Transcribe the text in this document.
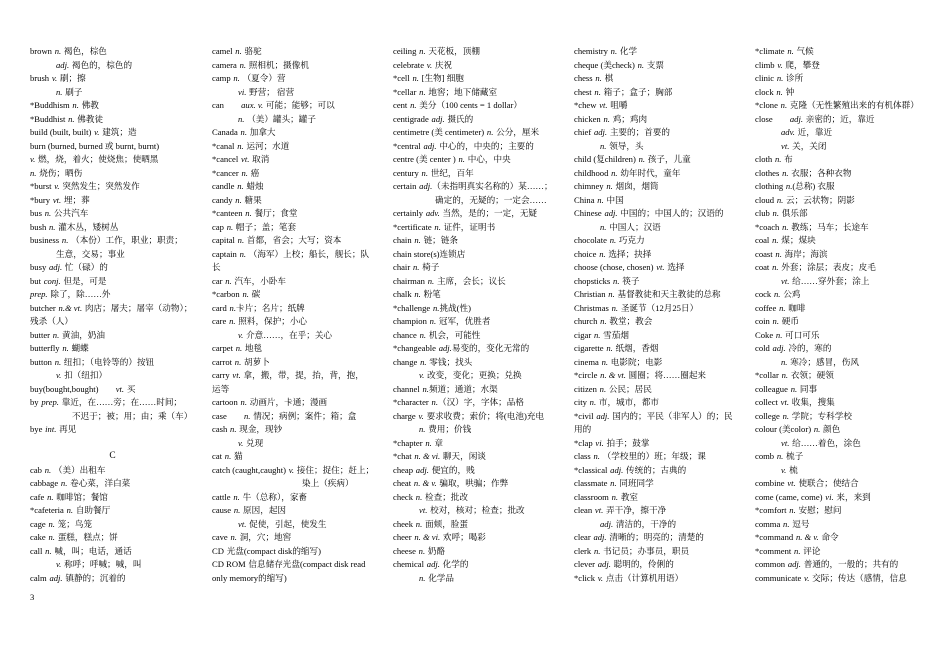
3
brown n. 褐色，棕色
adj. 褐色的，棕色的
brush v. 刷；擦
n. 刷子
*Buddhism n. 佛教
*Buddhist n. 佛教徒
build (built, built) v. 建筑；造
burn (burned, burned 或 burnt, burnt)
v. 燃，烧，着火；使烧焦；使晒黑
n. 烧伤；晒伤
*burst v. 突然发生；突然发作
*bury vt. 埋；葬
bus n. 公共汽车
bush n. 灌木丛，矮树丛
business n. （本份）工作，职业；职责；
生意，交易；事业
busy adj. 忙（碌）的
but conj. 但是，可是
prep. 除了，除……外
butcher n.& vt. 肉店；屠夫；屠宰（动物）；
残杀（人）
butter n. 黄油，奶油
butterfly n. 蝴蝶
button n. 纽扣；（电铃等的）按钮
v. 扣（纽扣）
buy(bought,bought) vt. 买
by prep. 靠近，在……旁；在……时间；
不迟于；被；用；由；乘（车）
bye int. 再见
C
cab n. （美）出租车
cabbage n. 卷心菜，洋白菜
cafe n. 咖啡馆；餐馆
*cafeteria n. 自助餐厅
cage n. 笼；鸟笼
cake n. 蛋糕，糕点；饼
call n. 喊，叫；电话，通话
v. 称呼；呼喊；喊，叫
calm adj. 镇静的；沉着的
camel n. 骆驼
camera n. 照相机；摄像机
camp n. （夏令）营
vi. 野营； 宿营
can aux. v. 可能；能够；可以
n. （美）罐头；罐子
Canada n. 加拿大
*canal n. 运河；水道
*cancel vt. 取消
*cancer n. 癌
candle n. 蜡烛
candy n. 糖果
*canteen n. 餐厅；食堂
cap n. 帽子；盖；笔套
capital n. 首都，省会；大写；资本
captain n. （海军）上校；船长，舰长；队
长
car n. 汽车，小卧车
*carbon n. 碳
card n.卡片；名片；纸牌
care n. 照料，保护；小心
v. 介意……，在乎；关心
carpet n. 地毯
carrot n. 胡萝卜
carry vt. 拿，搬，带，提，抬，背，抱，
运等
cartoon n. 动画片，卡通；漫画
case n. 情况；病例；案件；箱；盒
cash n. 现金，现钞
v. 兑现
cat n. 猫
catch (caught,caught) v. 接住；捉住；赶上；
染上（疾病）
cattle n. 牛（总称），家畜
cause n. 原因，起因
vt. 促使，引起，使发生
cave n. 洞，穴；地窖
CD 光盘(compact disk的缩写)
CD ROM 信息储存光盘(compact disk read
only memory的缩写)
ceiling n. 天花板，顶棚
celebrate v. 庆祝
*cell n. [生物] 细胞
*cellar n. 地窖；地下储藏室
cent n. 美分（100 cents = 1 dollar）
centigrade adj. 摄氏的
centimetre (美 centimeter) n. 公分，厘米
*central adj. 中心的，中央的；主要的
centre (美 center ) n. 中心，中央
century n. 世纪，百年
certain adj.（未指明真实名称的）某……；
确定的，无疑的；一定会……
certainly adv. 当然，是的；一定，无疑
*certificate n. 证件，证明书
chain n. 链；链条
chain store(s)连锁店
chair n. 椅子
chairman n. 主席，会长；议长
chalk n. 粉笔
*challenge n.挑战(性)
champion n. 冠军，优胜者
chance n. 机会，可能性
*changeable adj.易变的，变化无常的
change n. 零钱；找头
v. 改变，变化；更换；兑换
channel n.频道；通道；水渠
*character n.（汉）字，字体；品格
charge v. 要求收费；索价；将(电池)充电
n. 费用；价钱
*chapter n. 章
*chat n. & vi. 聊天，闲谈
cheap adj. 便宜的，贱
cheat n. & v. 骗取，哄骗；作弊
check n. 检查；批改
vt. 校对，核对；检查；批改
cheek n. 面颊，脸蛋
cheer n. & vi. 欢呼；喝彩
cheese n. 奶酪
chemical adj. 化学的
n. 化学品
chemistry n. 化学
cheque (美check) n. 支票
chess n. 棋
chest n. 箱子；盒子；胸部
*chew vt. 咀嚼
chicken n. 鸡；鸡肉
chief adj. 主要的；首要的
n. 领导，头
child (复children) n. 孩子，儿童
childhood n. 幼年时代，童年
chimney n. 烟囱，烟筒
China n. 中国
Chinese adj. 中国的；中国人的；汉语的
n. 中国人；汉语
chocolate n. 巧克力
choice n. 选择；抉择
choose (chose, chosen) vt. 选择
chopsticks n. 筷子
Christian n. 基督教徒和天主教徒的总称
Christmas n. 圣诞节（12月25日）
church n. 教堂；教会
cigar n. 雪茄烟
cigarette n. 纸烟，香烟
cinema n. 电影院；电影
*circle n. & vt. 圆圈；将……圈起来
citizen n. 公民；居民
city n. 市，城市，都市
*civil adj. 国内的；平民（非军人）的；民
用的
*clap vi. 拍手；鼓掌
class n. （学校里的）班；年级；课
*classical adj. 传统的；古典的
classmate n. 同班同学
classroom n. 教室
clean vt. 弄干净，擦干净
adj. 清洁的，干净的
clear adj. 清晰的；明亮的；清楚的
clerk n. 书记员；办事员，职员
clever adj. 聪明的，伶俐的
*click v. 点击（计算机用语）
*climate n. 气候
climb v. 爬，攀登
clinic n. 诊所
clock n. 钟
*clone n. 克隆（无性繁殖出来的有机体群）
close adj. 亲密的；近，靠近
adv. 近，靠近
vt. 关，关闭
cloth n. 布
clothes n. 衣服；各种衣物
clothing n.(总称) 衣服
cloud n. 云；云状物；阴影
club n. 俱乐部
*coach n. 教练；马车；长途车
coal n. 煤；煤块
coast n. 海岸；海滨
coat n. 外套；涂层；表皮；皮毛
vt. 给……穿外套；涂上
cock n. 公鸡
coffee n. 咖啡
coin n. 硬币
Coke n. 可口可乐
cold adj. 冷的，寒的
n. 寒冷；感冒，伤风
*collar n. 衣领；硬领
colleague n. 同事
collect vt. 收集，搜集
college n. 学院；专科学校
colour (美color) n. 颜色
vt. 给……着色，涂色
comb n. 梳子
v. 梳
combine vt. 使联合；使结合
come (came, come) vi. 来，来到
*comfort n. 安慰；慰问
comma n. 逗号
*command n. & v. 命令
*comment n. 评论
common adj. 普通的，一般的；共有的
communicate v. 交际；传达（感情，信息
